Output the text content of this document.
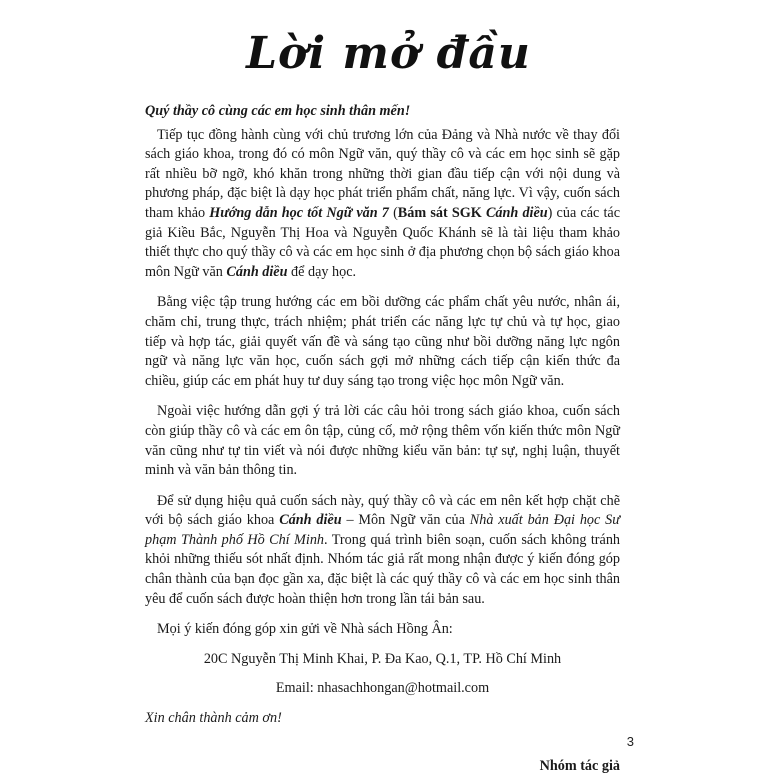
Lời mở đầu

Quý thầy cô cùng các em học sinh thân mến!

Tiếp tục đồng hành cùng với chủ trương lớn của Đảng và Nhà nước về thay đổi sách giáo khoa, trong đó có môn Ngữ văn, quý thầy cô và các em học sinh sẽ gặp rất nhiều bỡ ngỡ, khó khăn trong những thời gian đầu tiếp cận với nội dung và phương pháp, đặc biệt là dạy học phát triển phẩm chất, năng lực. Vì vậy, cuốn sách tham khảo Hướng dẫn học tốt Ngữ văn 7 (Bám sát SGK Cánh diều) của các tác giả Kiều Bắc, Nguyễn Thị Hoa và Nguyễn Quốc Khánh sẽ là tài liệu tham khảo thiết thực cho quý thầy cô và các em học sinh ở địa phương chọn bộ sách giáo khoa môn Ngữ văn Cánh diều để dạy học.

Bằng việc tập trung hướng các em bồi dưỡng các phẩm chất yêu nước, nhân ái, chăm chỉ, trung thực, trách nhiệm; phát triển các năng lực tự chủ và tự học, giao tiếp và hợp tác, giải quyết vấn đề và sáng tạo cũng như bồi dưỡng năng lực ngôn ngữ và năng lực văn học, cuốn sách gợi mở những cách tiếp cận kiến thức đa chiều, giúp các em phát huy tư duy sáng tạo trong việc học môn Ngữ văn.

Ngoài việc hướng dẫn gợi ý trả lời các câu hỏi trong sách giáo khoa, cuốn sách còn giúp thầy cô và các em ôn tập, củng cố, mở rộng thêm vốn kiến thức môn Ngữ văn cũng như tự tin viết và nói được những kiểu văn bản: tự sự, nghị luận, thuyết minh và văn bản thông tin.

Để sử dụng hiệu quả cuốn sách này, quý thầy cô và các em nên kết hợp chặt chẽ với bộ sách giáo khoa Cánh diều – Môn Ngữ văn của Nhà xuất bản Đại học Sư phạm Thành phố Hồ Chí Minh. Trong quá trình biên soạn, cuốn sách không tránh khỏi những thiếu sót nhất định. Nhóm tác giả rất mong nhận được ý kiến đóng góp chân thành của bạn đọc gần xa, đặc biệt là các quý thầy cô và các em học sinh thân yêu để cuốn sách được hoàn thiện hơn trong lần tái bản sau.

Mọi ý kiến đóng góp xin gửi về Nhà sách Hồng Ân:

20C Nguyễn Thị Minh Khai, P. Đa Kao, Q.1, TP. Hồ Chí Minh

Email: nhasachhongan@hotmail.com

Xin chân thành cảm ơn!

Nhóm tác giả

3
